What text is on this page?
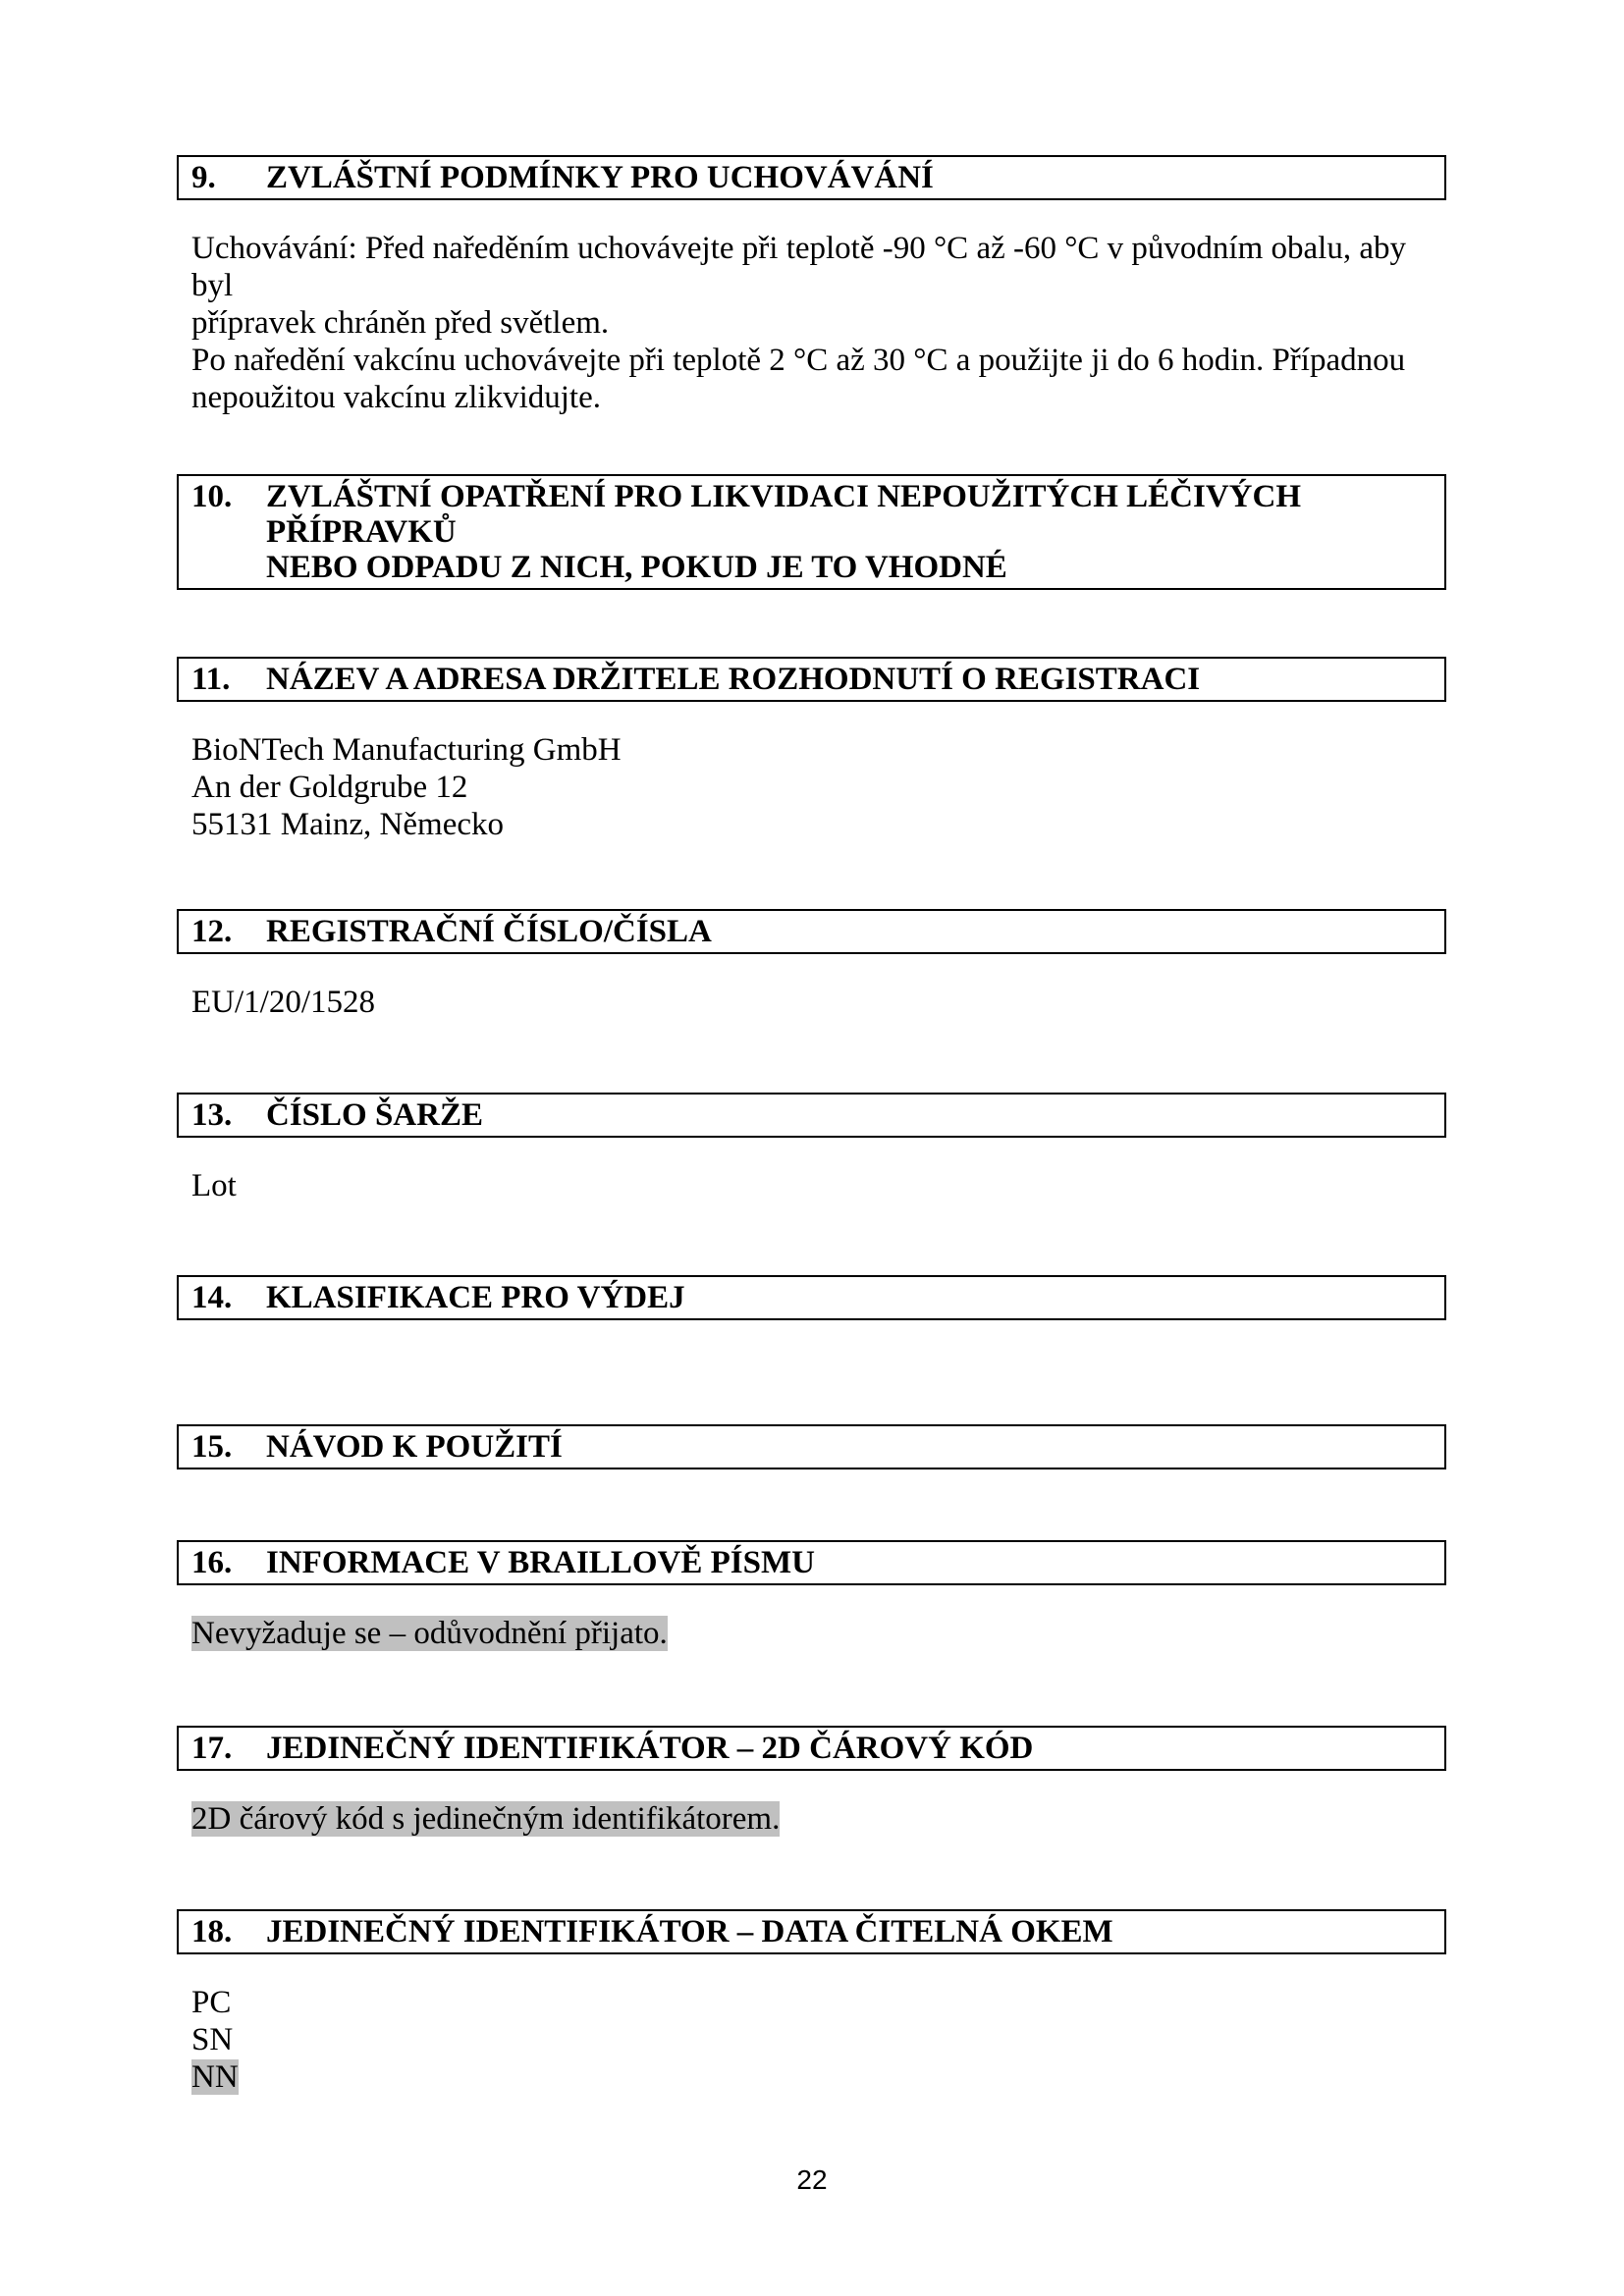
9.	ZVLÁŠTNÍ PODMÍNKY PRO UCHOVÁVÁNÍ
Uchovávání: Před naředěním uchovávejte při teplotě -90 °C až -60 °C v původním obalu, aby byl
přípravek chráněn před světlem.
Po naředění vakcínu uchovávejte při teplotě 2 °C až 30 °C a použijte ji do 6 hodin. Případnou
nepoužitou vakcínu zlikvidujte.
10.	ZVLÁŠTNÍ OPATŘENÍ PRO LIKVIDACI NEPOUŽITÝCH LÉČIVÝCH PŘÍPRAVKŮ
NEBO ODPADU Z NICH, POKUD JE TO VHODNÉ
11.	NÁZEV A ADRESA DRŽITELE ROZHODNUTÍ O REGISTRACI
BioNTech Manufacturing GmbH
An der Goldgrube 12
55131 Mainz, Německo
12.	REGISTRAČNÍ ČÍSLO/ČÍSLA
EU/1/20/1528
13.	ČÍSLO ŠARŽE
Lot
14.	KLASIFIKACE PRO VÝDEJ
15.	NÁVOD K POUŽITÍ
16.	INFORMACE V BRAILLOVĚ PÍSMU
Nevyžaduje se – odůvodnění přijato.
17.	JEDINEČNÝ IDENTIFIKÁTOR – 2D ČÁROVÝ KÓD
2D čárový kód s jedinečným identifikátorem.
18.	JEDINEČNÝ IDENTIFIKÁTOR – DATA ČITELNÁ OKEM
PC
SN
NN
22
